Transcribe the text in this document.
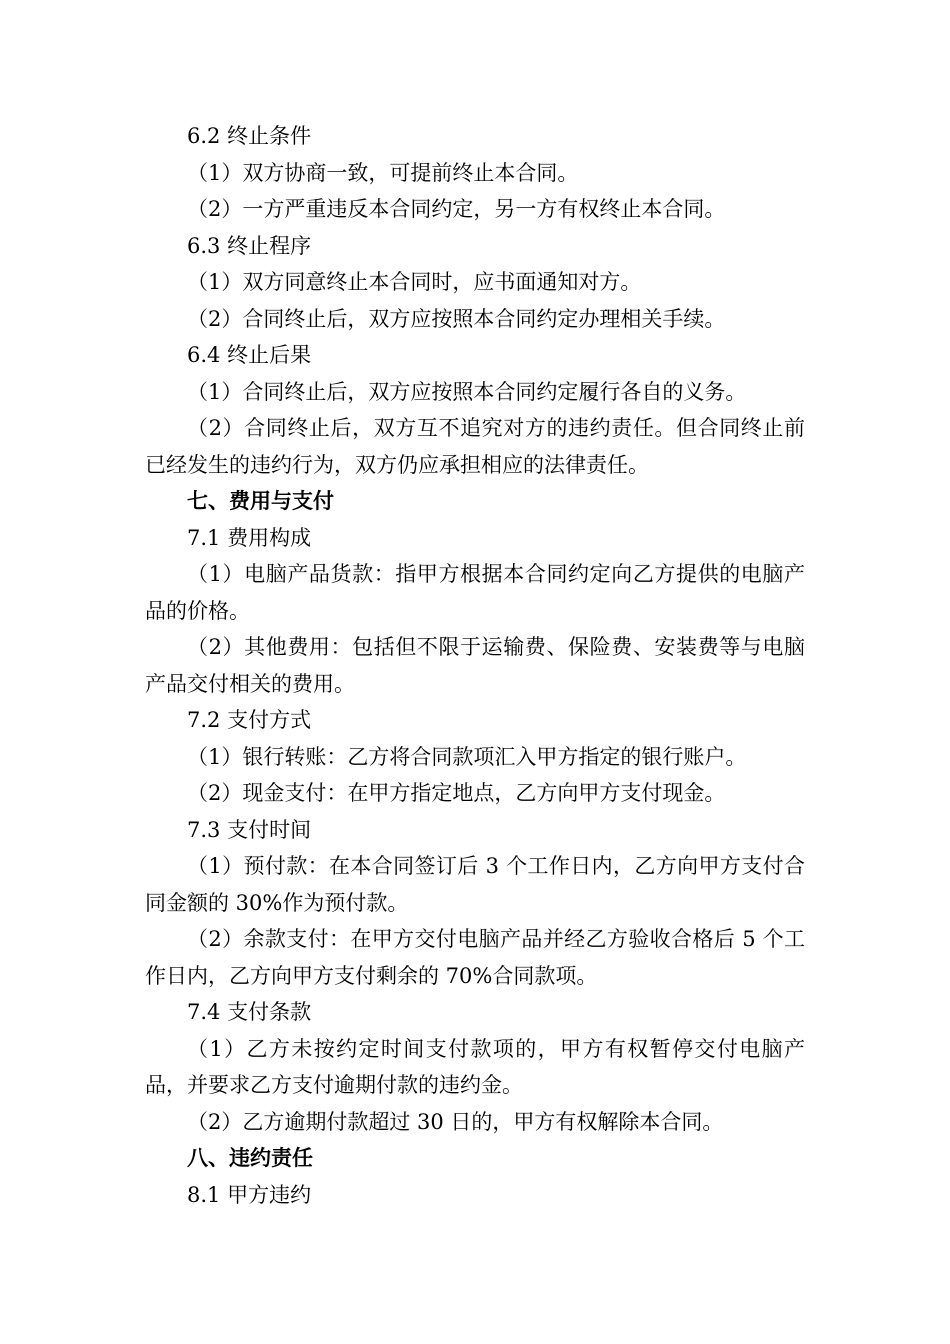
6.2 终止条件

（1）双方协商一致，可提前终止本合同。

（2）一方严重违反本合同约定，另一方有权终止本合同。

6.3 终止程序

（1）双方同意终止本合同时，应书面通知对方。

（2）合同终止后，双方应按照本合同约定办理相关手续。

6.4 终止后果

（1）合同终止后，双方应按照本合同约定履行各自的义务。

（2）合同终止后，双方互不追究对方的违约责任。但合同终止前已经发生的违约行为，双方仍应承担相应的法律责任。

七、费用与支付

7.1 费用构成

（1）电脑产品货款：指甲方根据本合同约定向乙方提供的电脑产品的价格。

（2）其他费用：包括但不限于运输费、保险费、安装费等与电脑产品交付相关的费用。

7.2 支付方式

（1）银行转账：乙方将合同款项汇入甲方指定的银行账户。

（2）现金支付：在甲方指定地点，乙方向甲方支付现金。

7.3 支付时间

（1）预付款：在本合同签订后 3 个工作日内，乙方向甲方支付合同金额的 30%作为预付款。

（2）余款支付：在甲方交付电脑产品并经乙方验收合格后 5 个工作日内，乙方向甲方支付剩余的 70%合同款项。

7.4 支付条款

（1）乙方未按约定时间支付款项的，甲方有权暂停交付电脑产品，并要求乙方支付逾期付款的违约金。

（2）乙方逾期付款超过 30 日的，甲方有权解除本合同。

八、违约责任

8.1 甲方违约
